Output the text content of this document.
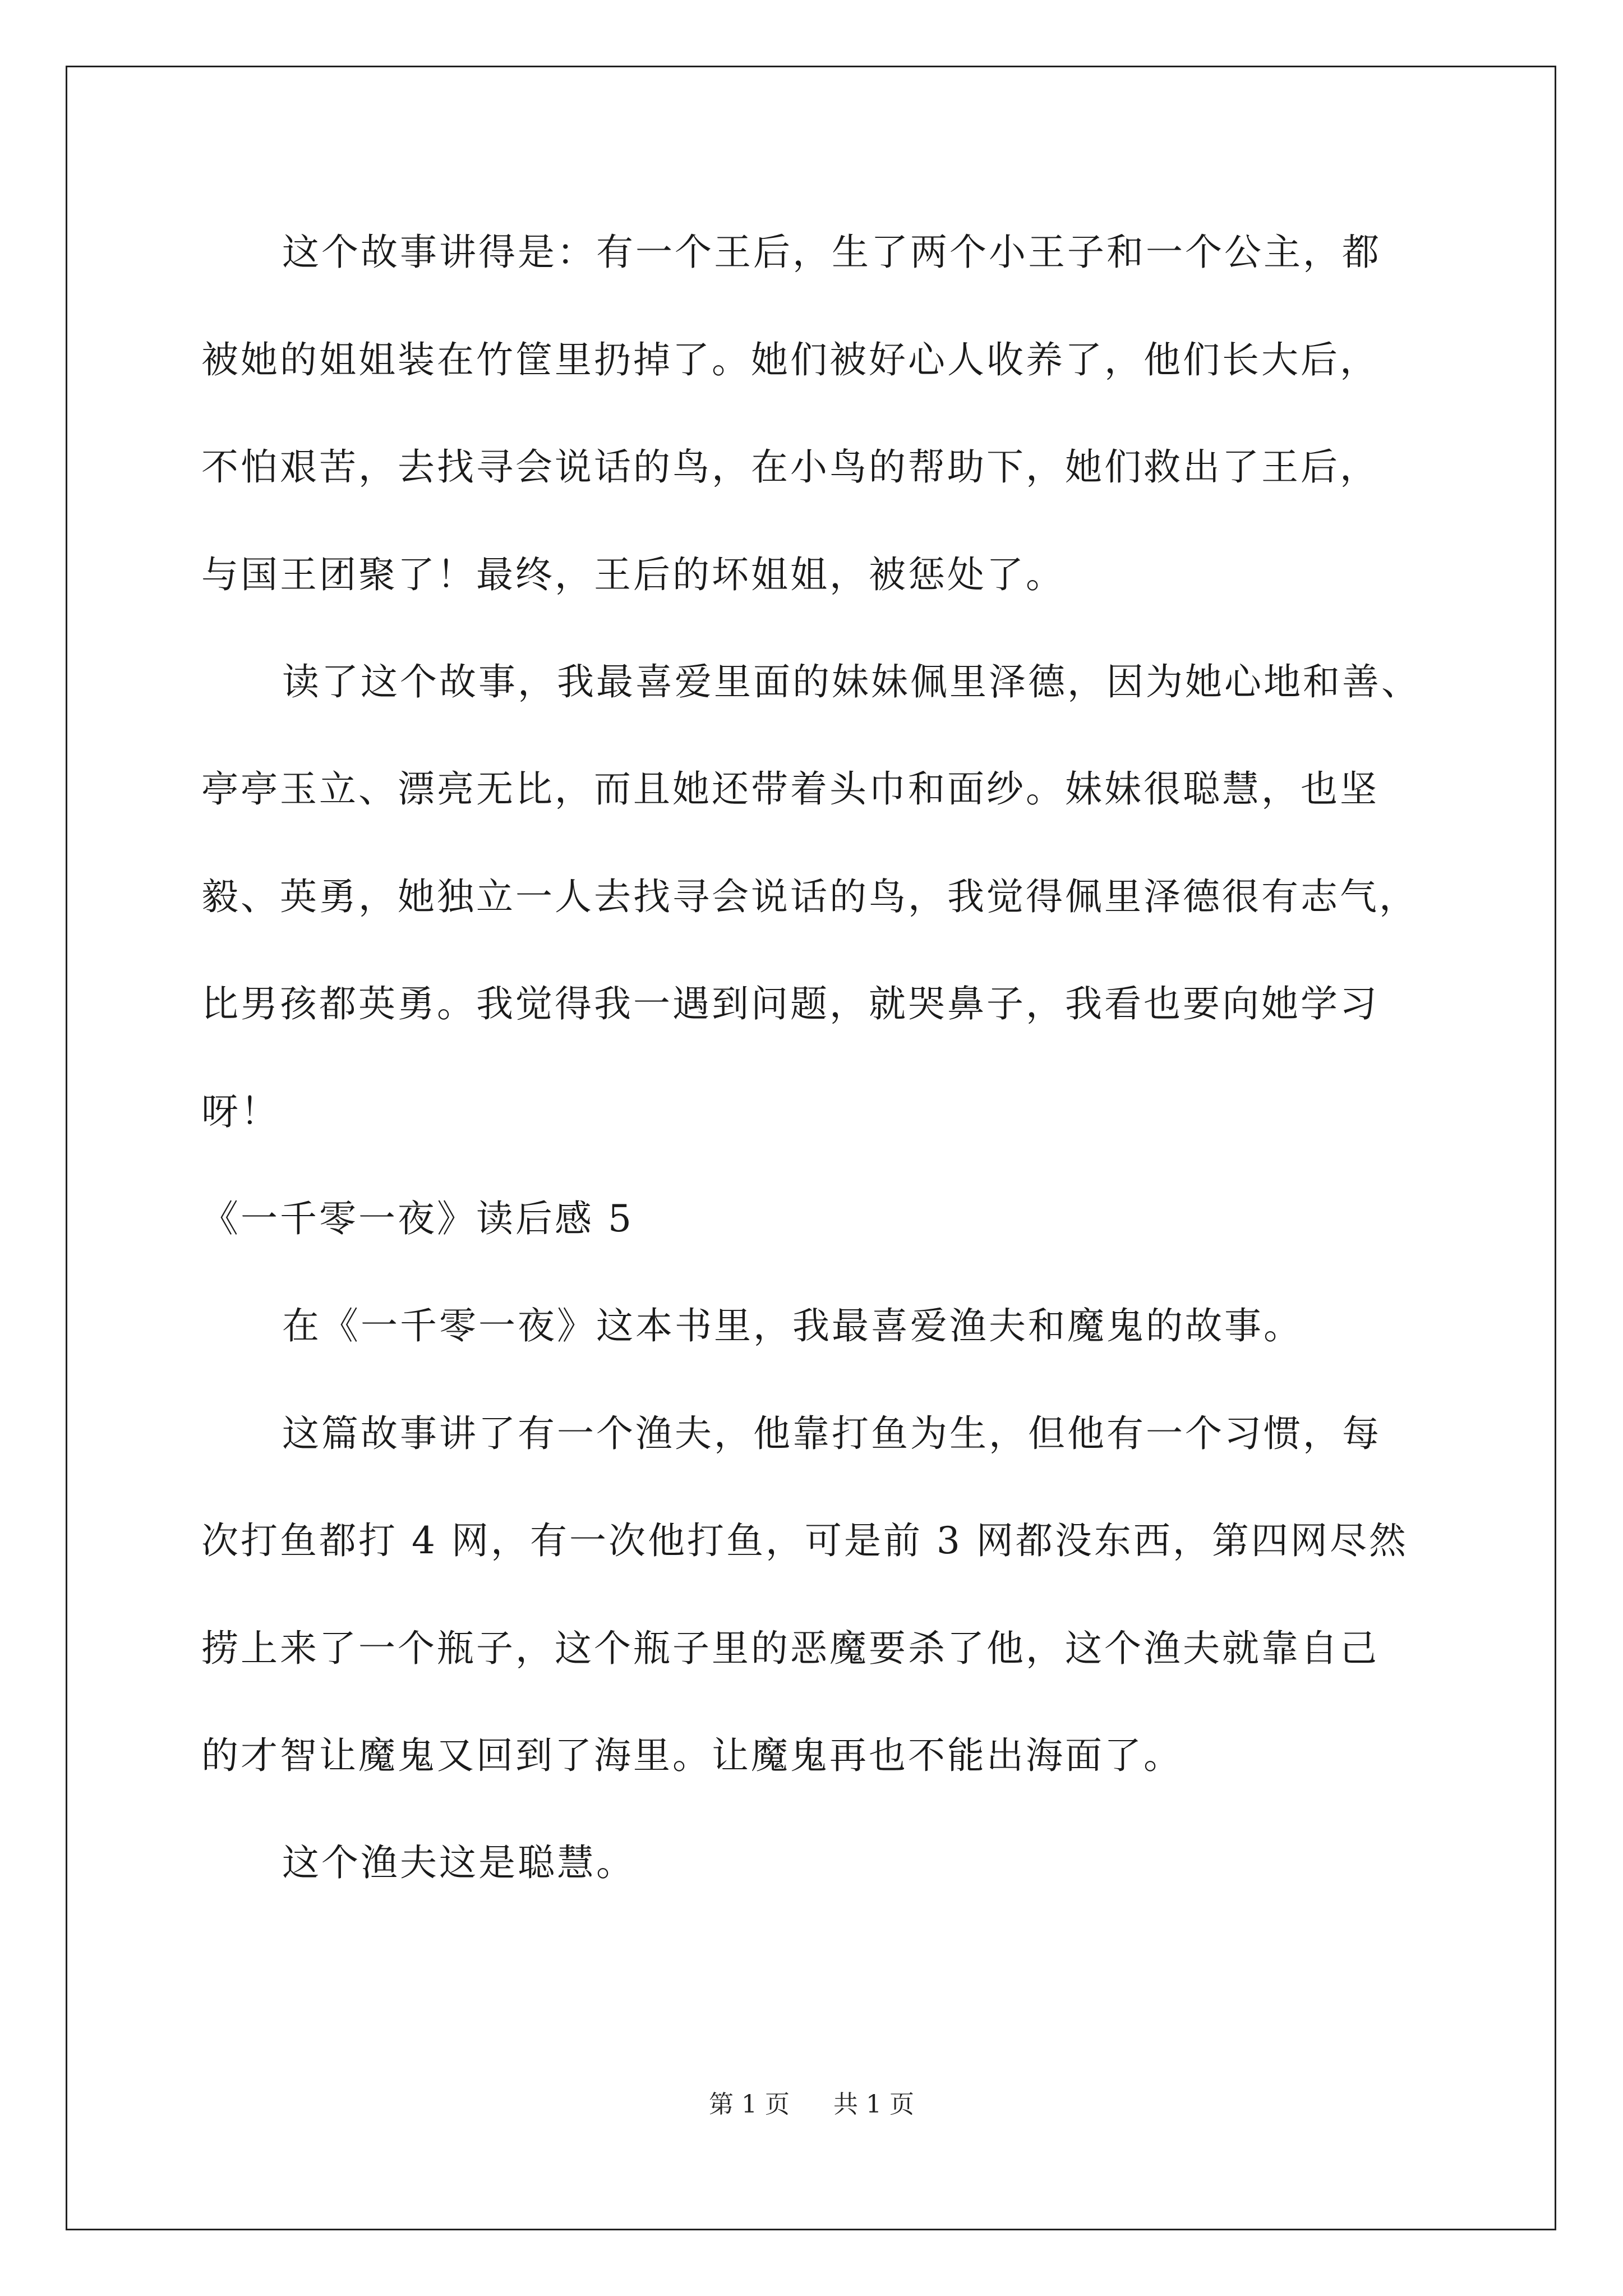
这个故事讲得是：有一个王后，生了两个小王子和一个公主，都
被她的姐姐装在竹筐里扔掉了。她们被好心人收养了，他们长大后，
不怕艰苦，去找寻会说话的鸟，在小鸟的帮助下，她们救出了王后，
与国王团聚了！最终，王后的坏姐姐，被惩处了。
读了这个故事，我最喜爱里面的妹妹佩里泽德，因为她心地和善、
亭亭玉立、漂亮无比，而且她还带着头巾和面纱。妹妹很聪慧，也坚
毅、英勇，她独立一人去找寻会说话的鸟，我觉得佩里泽德很有志气，
比男孩都英勇。我觉得我一遇到问题，就哭鼻子，我看也要向她学习
呀！
《一千零一夜》读后感 5
在《一千零一夜》这本书里，我最喜爱渔夫和魔鬼的故事。
这篇故事讲了有一个渔夫，他靠打鱼为生，但他有一个习惯，每
次打鱼都打 4 网，有一次他打鱼，可是前 3 网都没东西，第四网尽然
捞上来了一个瓶子，这个瓶子里的恶魔要杀了他，这个渔夫就靠自己
的才智让魔鬼又回到了海里。让魔鬼再也不能出海面了。
这个渔夫这是聪慧。
第 1 页 共 1 页
